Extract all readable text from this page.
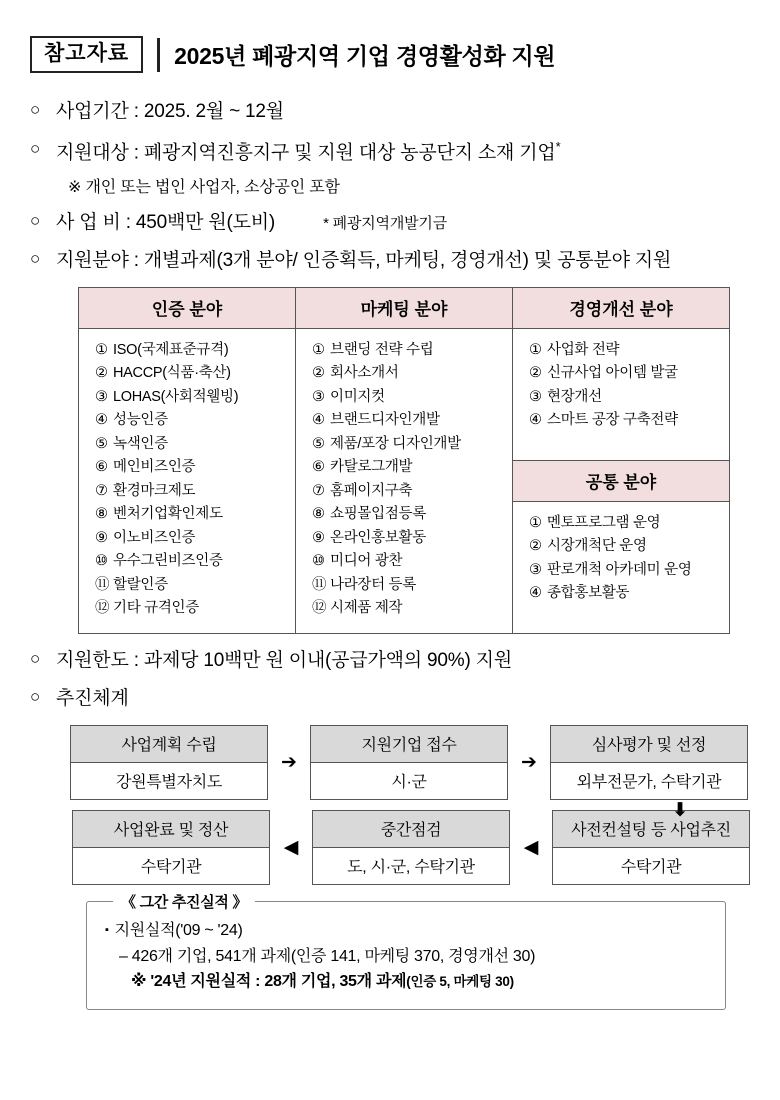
참고자료	2025년 폐광지역 기업 경영활성화 지원
○ 사업기간 : 2025. 2월 ~ 12월
○ 지원대상 : 폐광지역진흥지구 및 지원 대상 농공단지 소재 기업*
※ 개인 또는 법인 사업자, 소상공인 포함
○ 사 업 비 : 450백만 원(도비)	* 폐광지역개발기금
○ 지원분야 : 개별과제(3개 분야/ 인증획득, 마케팅, 경영개선) 및 공통분야 지원
인증 분야
① ISO(국제표준규격)
② HACCP(식품·축산)
③ LOHAS(사회적웰빙)
④ 성능인증
⑤ 녹색인증
⑥ 메인비즈인증
⑦ 환경마크제도
⑧ 벤처기업확인제도
⑨ 이노비즈인증
⑩ 우수그린비즈인증
⑪ 할랄인증
⑫ 기타 규격인증
마케팅 분야
① 브랜딩 전략 수립
② 회사소개서
③ 이미지컷
④ 브랜드디자인개발
⑤ 제품/포장 디자인개발
⑥ 카탈로그개발
⑦ 홈페이지구축
⑧ 쇼핑몰입점등록
⑨ 온라인홍보활동
⑩ 미디어 광찬
⑪ 나라장터 등록
⑫ 시제품 제작
경영개선 분야
① 사업화 전략
② 신규사업 아이템 발굴
③ 현장개선
④ 스마트 공장 구축전략
공통 분야
① 멘토프로그램 운영
② 시장개척단 운영
③ 판로개척 아카데미 운영
④ 종합홍보활동
○ 지원한도 : 과제당 10백만 원 이내(공급가액의 90%) 지원
○ 추진체계
⬇
사업계획 수립
강원특별자치도
➔
지원기업 접수
시·군
➔
심사평가 및 선정
외부전문가, 수탁기관
사전컨설팅 등 사업추진
수탁기관
◀
중간점검
도, 시·군, 수탁기관
◀
사업완료 및 정산
수탁기관
《 그간 추진실적 》
▪ 지원실적('09 ~ '24)
– 426개 기업, 541개 과제(인증 141, 마케팅 370, 경영개선 30)
※ '24년 지원실적 : 28개 기업, 35개 과제(인증 5, 마케팅 30)
